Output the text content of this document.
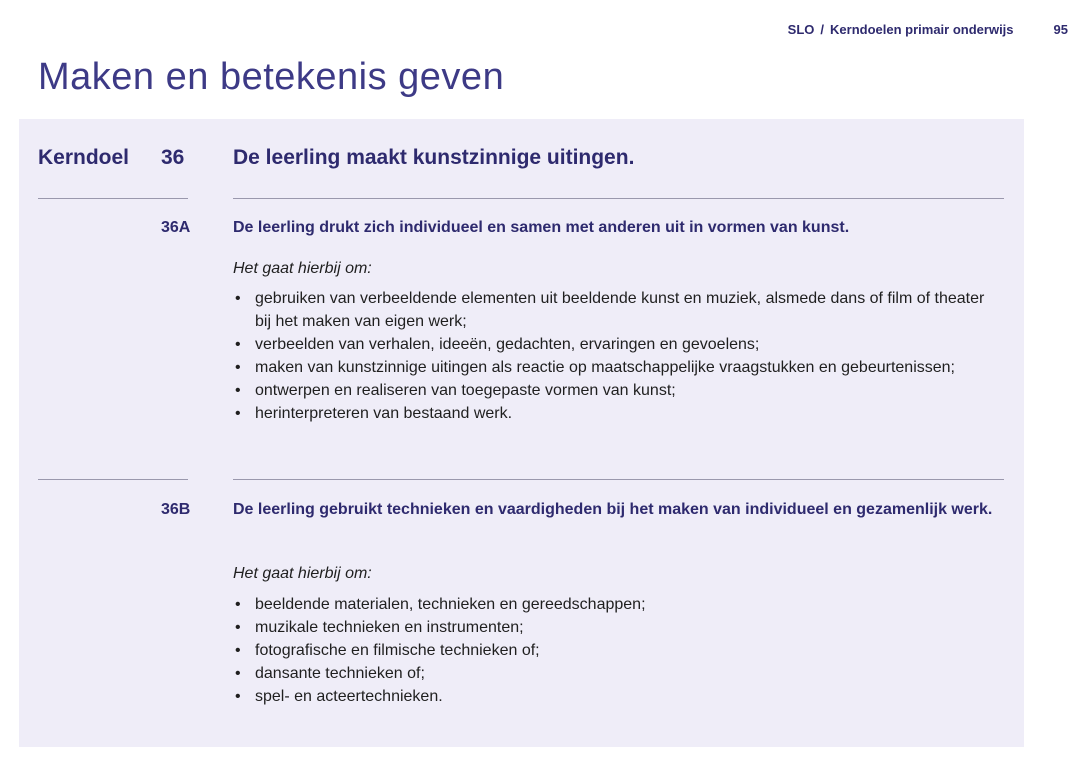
SLO / Kerndoelen primair onderwijs	95
Maken en betekenis geven
Kerndoel 36 De leerling maakt kunstzinnige uitingen.
36A	De leerling drukt zich individueel en samen met anderen uit in vormen van kunst.
Het gaat hierbij om:
• gebruiken van verbeeldende elementen uit beeldende kunst en muziek, alsmede dans of film of theater bij het maken van eigen werk;
• verbeelden van verhalen, ideeën, gedachten, ervaringen en gevoelens;
• maken van kunstzinnige uitingen als reactie op maatschappelijke vraagstukken en gebeurtenissen;
• ontwerpen en realiseren van toegepaste vormen van kunst;
• herinterpreteren van bestaand werk.
36B	De leerling gebruikt technieken en vaardigheden bij het maken van individueel en gezamenlijk werk.
Het gaat hierbij om:
• beeldende materialen, technieken en gereedschappen;
• muzikale technieken en instrumenten;
• fotografische en filmische technieken of;
• dansante technieken of;
• spel- en acteertechnieken.
